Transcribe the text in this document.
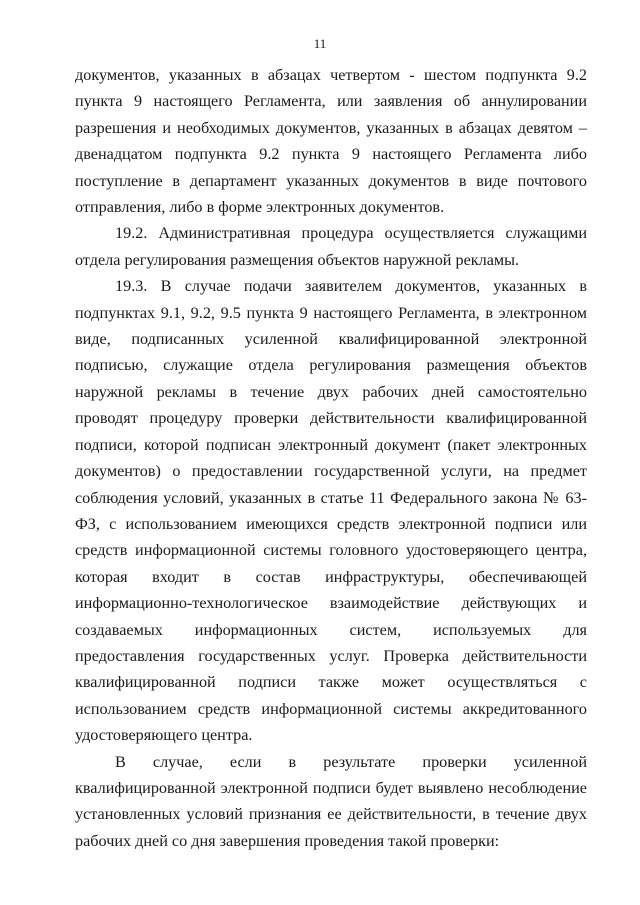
11

документов, указанных в абзацах четвертом - шестом подпункта 9.2 пункта 9 настоящего Регламента, или заявления об аннулировании разрешения и необходимых документов, указанных в абзацах девятом – двенадцатом подпункта 9.2 пункта 9 настоящего Регламента либо поступление в департамент указанных документов в виде почтового отправления, либо в форме электронных документов.

19.2. Административная процедура осуществляется служащими отдела регулирования размещения объектов наружной рекламы.

19.3. В случае подачи заявителем документов, указанных в подпунктах 9.1, 9.2, 9.5 пункта 9 настоящего Регламента, в электронном виде, подписанных усиленной квалифицированной электронной подписью, служащие отдела регулирования размещения объектов наружной рекламы в течение двух рабочих дней самостоятельно проводят процедуру проверки действительности квалифицированной подписи, которой подписан электронный документ (пакет электронных документов) о предоставлении государственной услуги, на предмет соблюдения условий, указанных в статье 11 Федерального закона № 63-ФЗ, с использованием имеющихся средств электронной подписи или средств информационной системы головного удостоверяющего центра, которая входит в состав инфраструктуры, обеспечивающей информационно-технологическое взаимодействие действующих и создаваемых информационных систем, используемых для предоставления государственных услуг. Проверка действительности квалифицированной подписи также может осуществляться с использованием средств информационной системы аккредитованного удостоверяющего центра.

В случае, если в результате проверки усиленной квалифицированной электронной подписи будет выявлено несоблюдение установленных условий признания ее действительности, в течение двух рабочих дней со дня завершения проведения такой проверки:
